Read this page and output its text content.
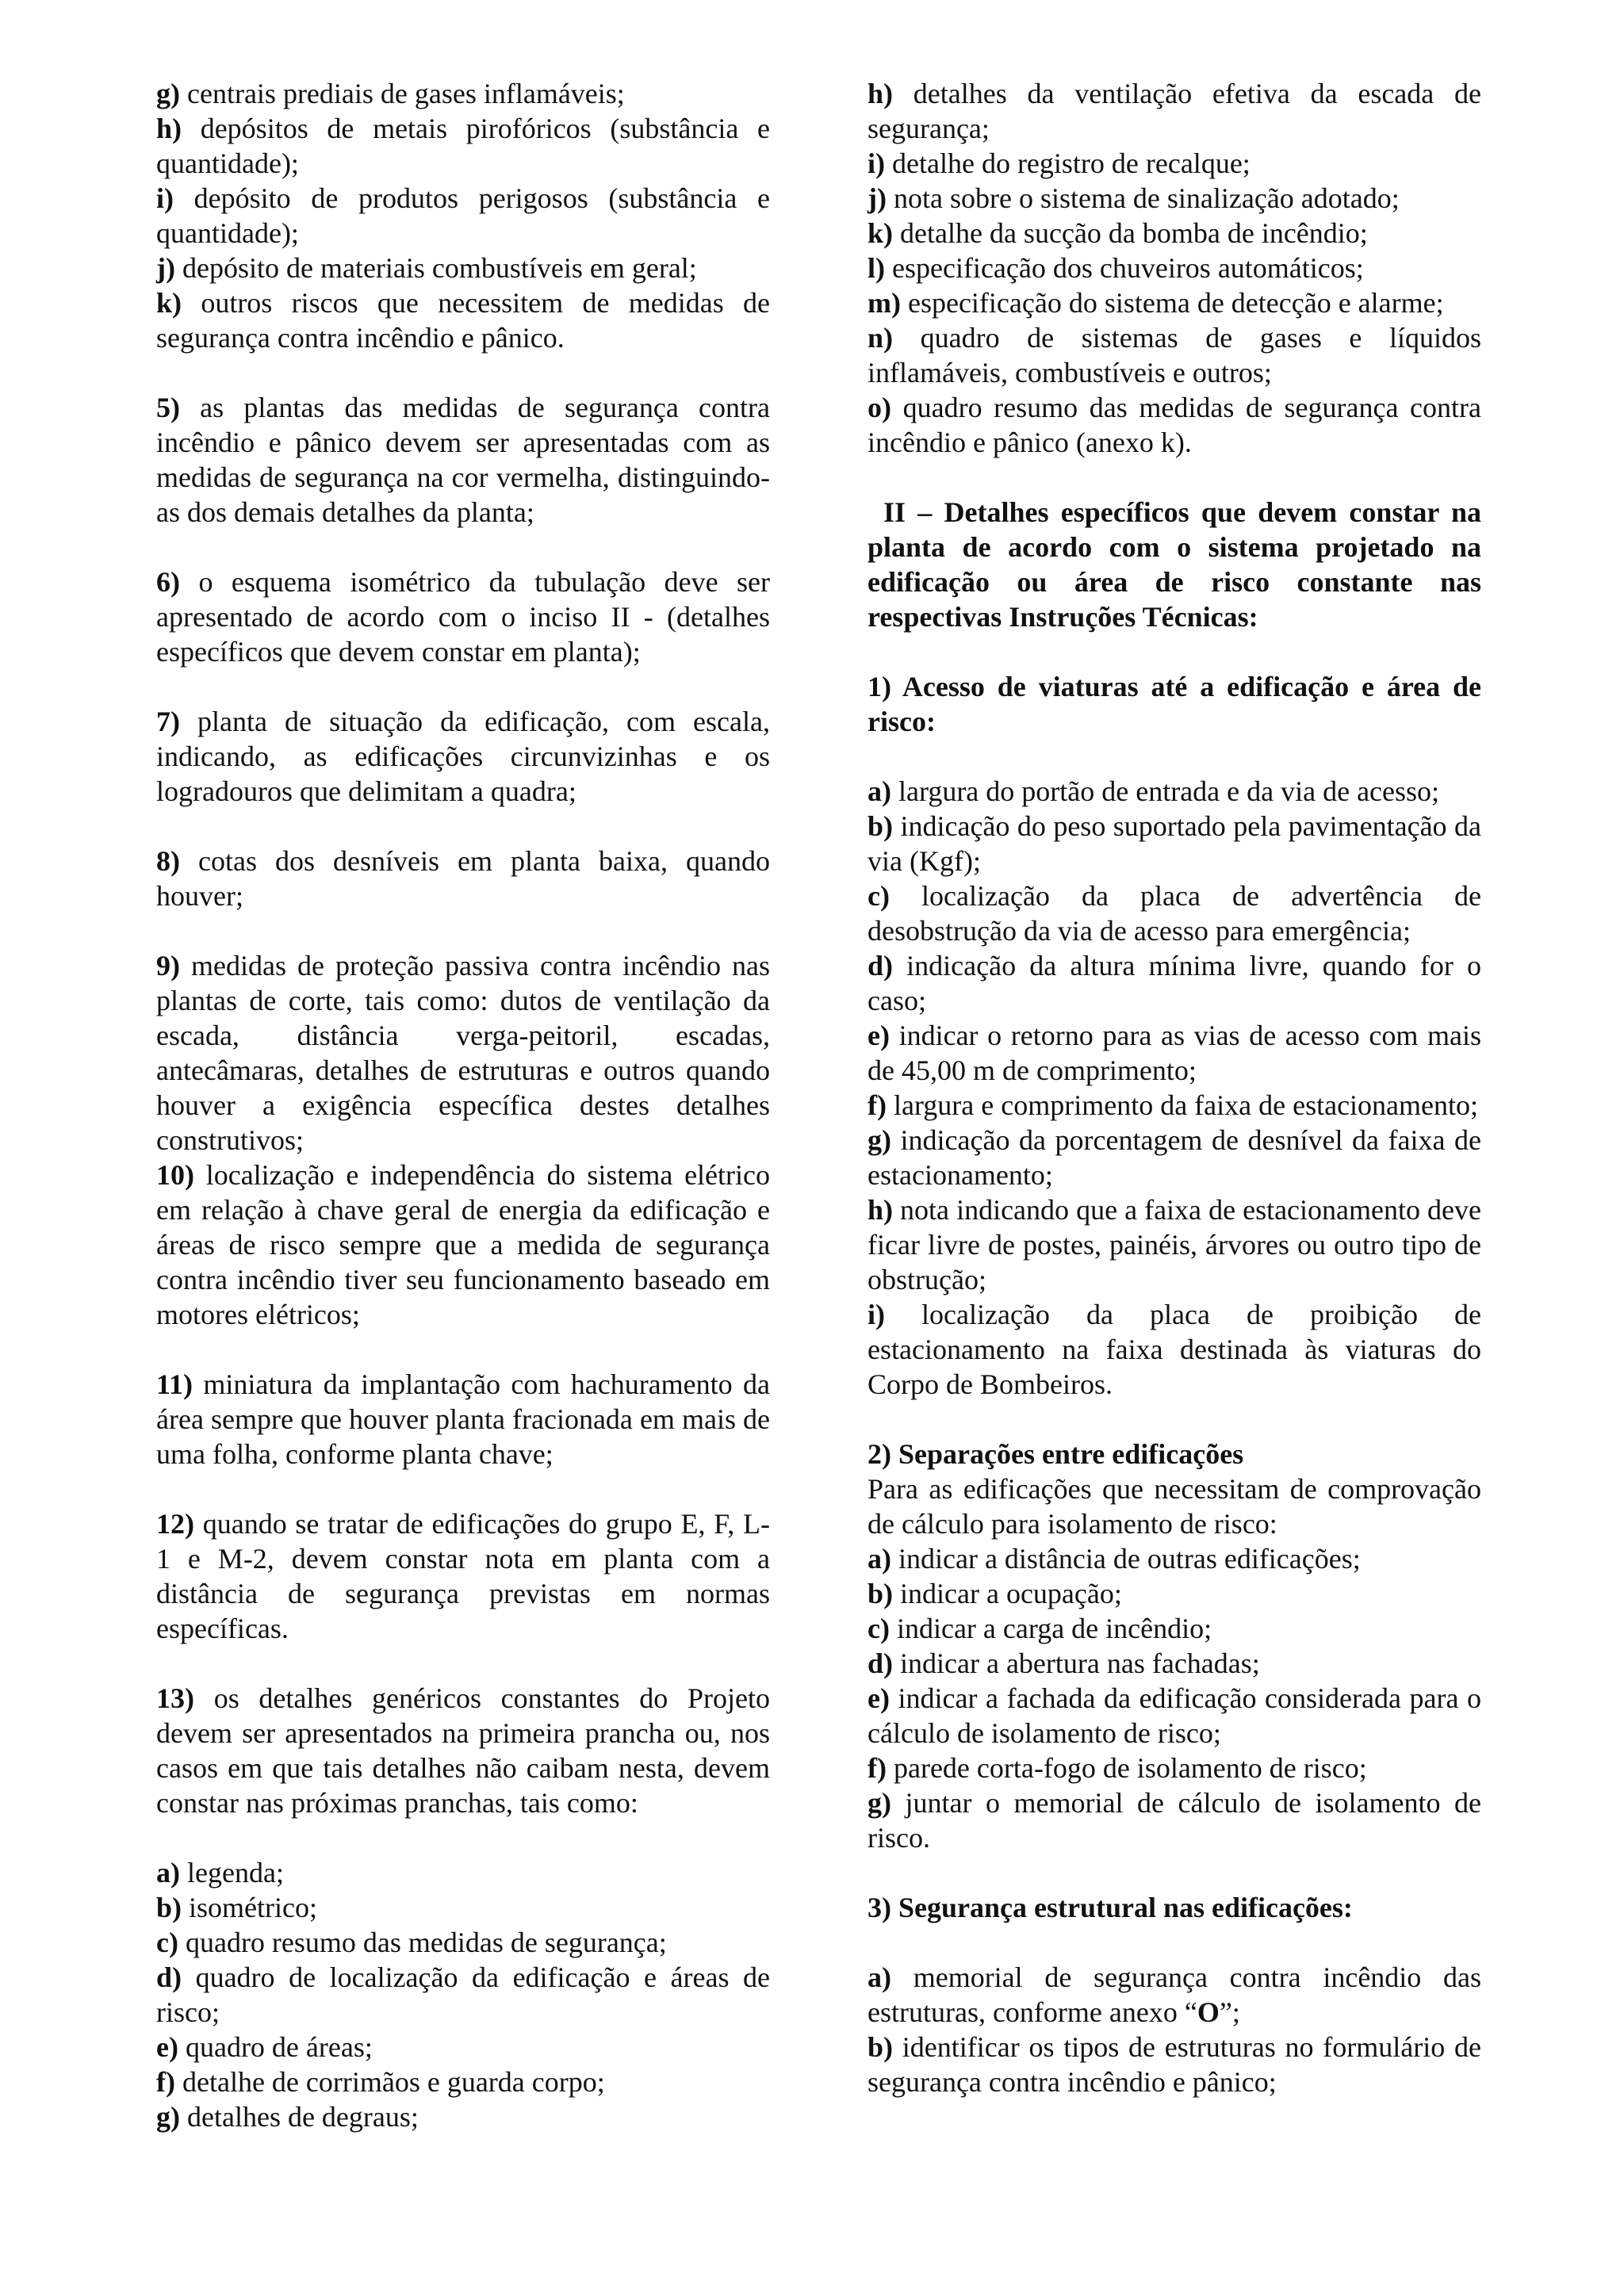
g) centrais prediais de gases inflamáveis;

h) depósitos de metais pirofóricos (substância e quantidade);

i) depósito de produtos perigosos (substância e quantidade);

j) depósito de materiais combustíveis em geral;

k) outros riscos que necessitem de medidas de segurança contra incêndio e pânico.

5) as plantas das medidas de segurança contra incêndio e pânico devem ser apresentadas com as medidas de segurança na cor vermelha, distinguindo-as dos demais detalhes da planta;

6) o esquema isométrico da tubulação deve ser apresentado de acordo com o inciso II - (detalhes específicos que devem constar em planta);

7) planta de situação da edificação, com escala, indicando, as edificações circunvizinhas e os logradouros que delimitam a quadra;

8) cotas dos desníveis em planta baixa, quando houver;

9) medidas de proteção passiva contra incêndio nas plantas de corte, tais como: dutos de ventilação da escada, distância verga-peitoril, escadas, antecâmaras, detalhes de estruturas e outros quando houver a exigência específica destes detalhes construtivos;

10) localização e independência do sistema elétrico em relação à chave geral de energia da edificação e áreas de risco sempre que a medida de segurança contra incêndio tiver seu funcionamento baseado em motores elétricos;

11) miniatura da implantação com hachuramento da área sempre que houver planta fracionada em mais de uma folha, conforme planta chave;

12) quando se tratar de edificações do grupo E, F, L-1 e M-2, devem constar nota em planta com a distância de segurança previstas em normas específicas.

13) os detalhes genéricos constantes do Projeto devem ser apresentados na primeira prancha ou, nos casos em que tais detalhes não caibam nesta, devem constar nas próximas pranchas, tais como:

a) legenda;

b) isométrico;

c) quadro resumo das medidas de segurança;

d) quadro de localização da edificação e áreas de risco;

e) quadro de áreas;

f) detalhe de corrimãos e guarda corpo;

g) detalhes de degraus;

h) detalhes da ventilação efetiva da escada de segurança;

i) detalhe do registro de recalque;

j) nota sobre o sistema de sinalização adotado;

k) detalhe da sucção da bomba de incêndio;

l) especificação dos chuveiros automáticos;

m) especificação do sistema de detecção e alarme;

n) quadro de sistemas de gases e líquidos inflamáveis, combustíveis e outros;

o) quadro resumo das medidas de segurança contra incêndio e pânico (anexo k).

II – Detalhes específicos que devem constar na planta de acordo com o sistema projetado na edificação ou área de risco constante nas respectivas Instruções Técnicas:

1) Acesso de viaturas até a edificação e área de risco:

a) largura do portão de entrada e da via de acesso;

b) indicação do peso suportado pela pavimentação da via (Kgf);

c) localização da placa de advertência de desobstrução da via de acesso para emergência;

d) indicação da altura mínima livre, quando for o caso;

e) indicar o retorno para as vias de acesso com mais de 45,00 m de comprimento;

f) largura e comprimento da faixa de estacionamento;

g) indicação da porcentagem de desnível da faixa de estacionamento;

h) nota indicando que a faixa de estacionamento deve ficar livre de postes, painéis, árvores ou outro tipo de obstrução;

i) localização da placa de proibição de estacionamento na faixa destinada às viaturas do Corpo de Bombeiros.

2) Separações entre edificações

Para as edificações que necessitam de comprovação de cálculo para isolamento de risco:

a) indicar a distância de outras edificações;

b) indicar a ocupação;

c) indicar a carga de incêndio;

d) indicar a abertura nas fachadas;

e) indicar a fachada da edificação considerada para o cálculo de isolamento de risco;

f) parede corta-fogo de isolamento de risco;

g) juntar o memorial de cálculo de isolamento de risco.

3) Segurança estrutural nas edificações:

a) memorial de segurança contra incêndio das estruturas, conforme anexo “O”;

b) identificar os tipos de estruturas no formulário de segurança contra incêndio e pânico;
